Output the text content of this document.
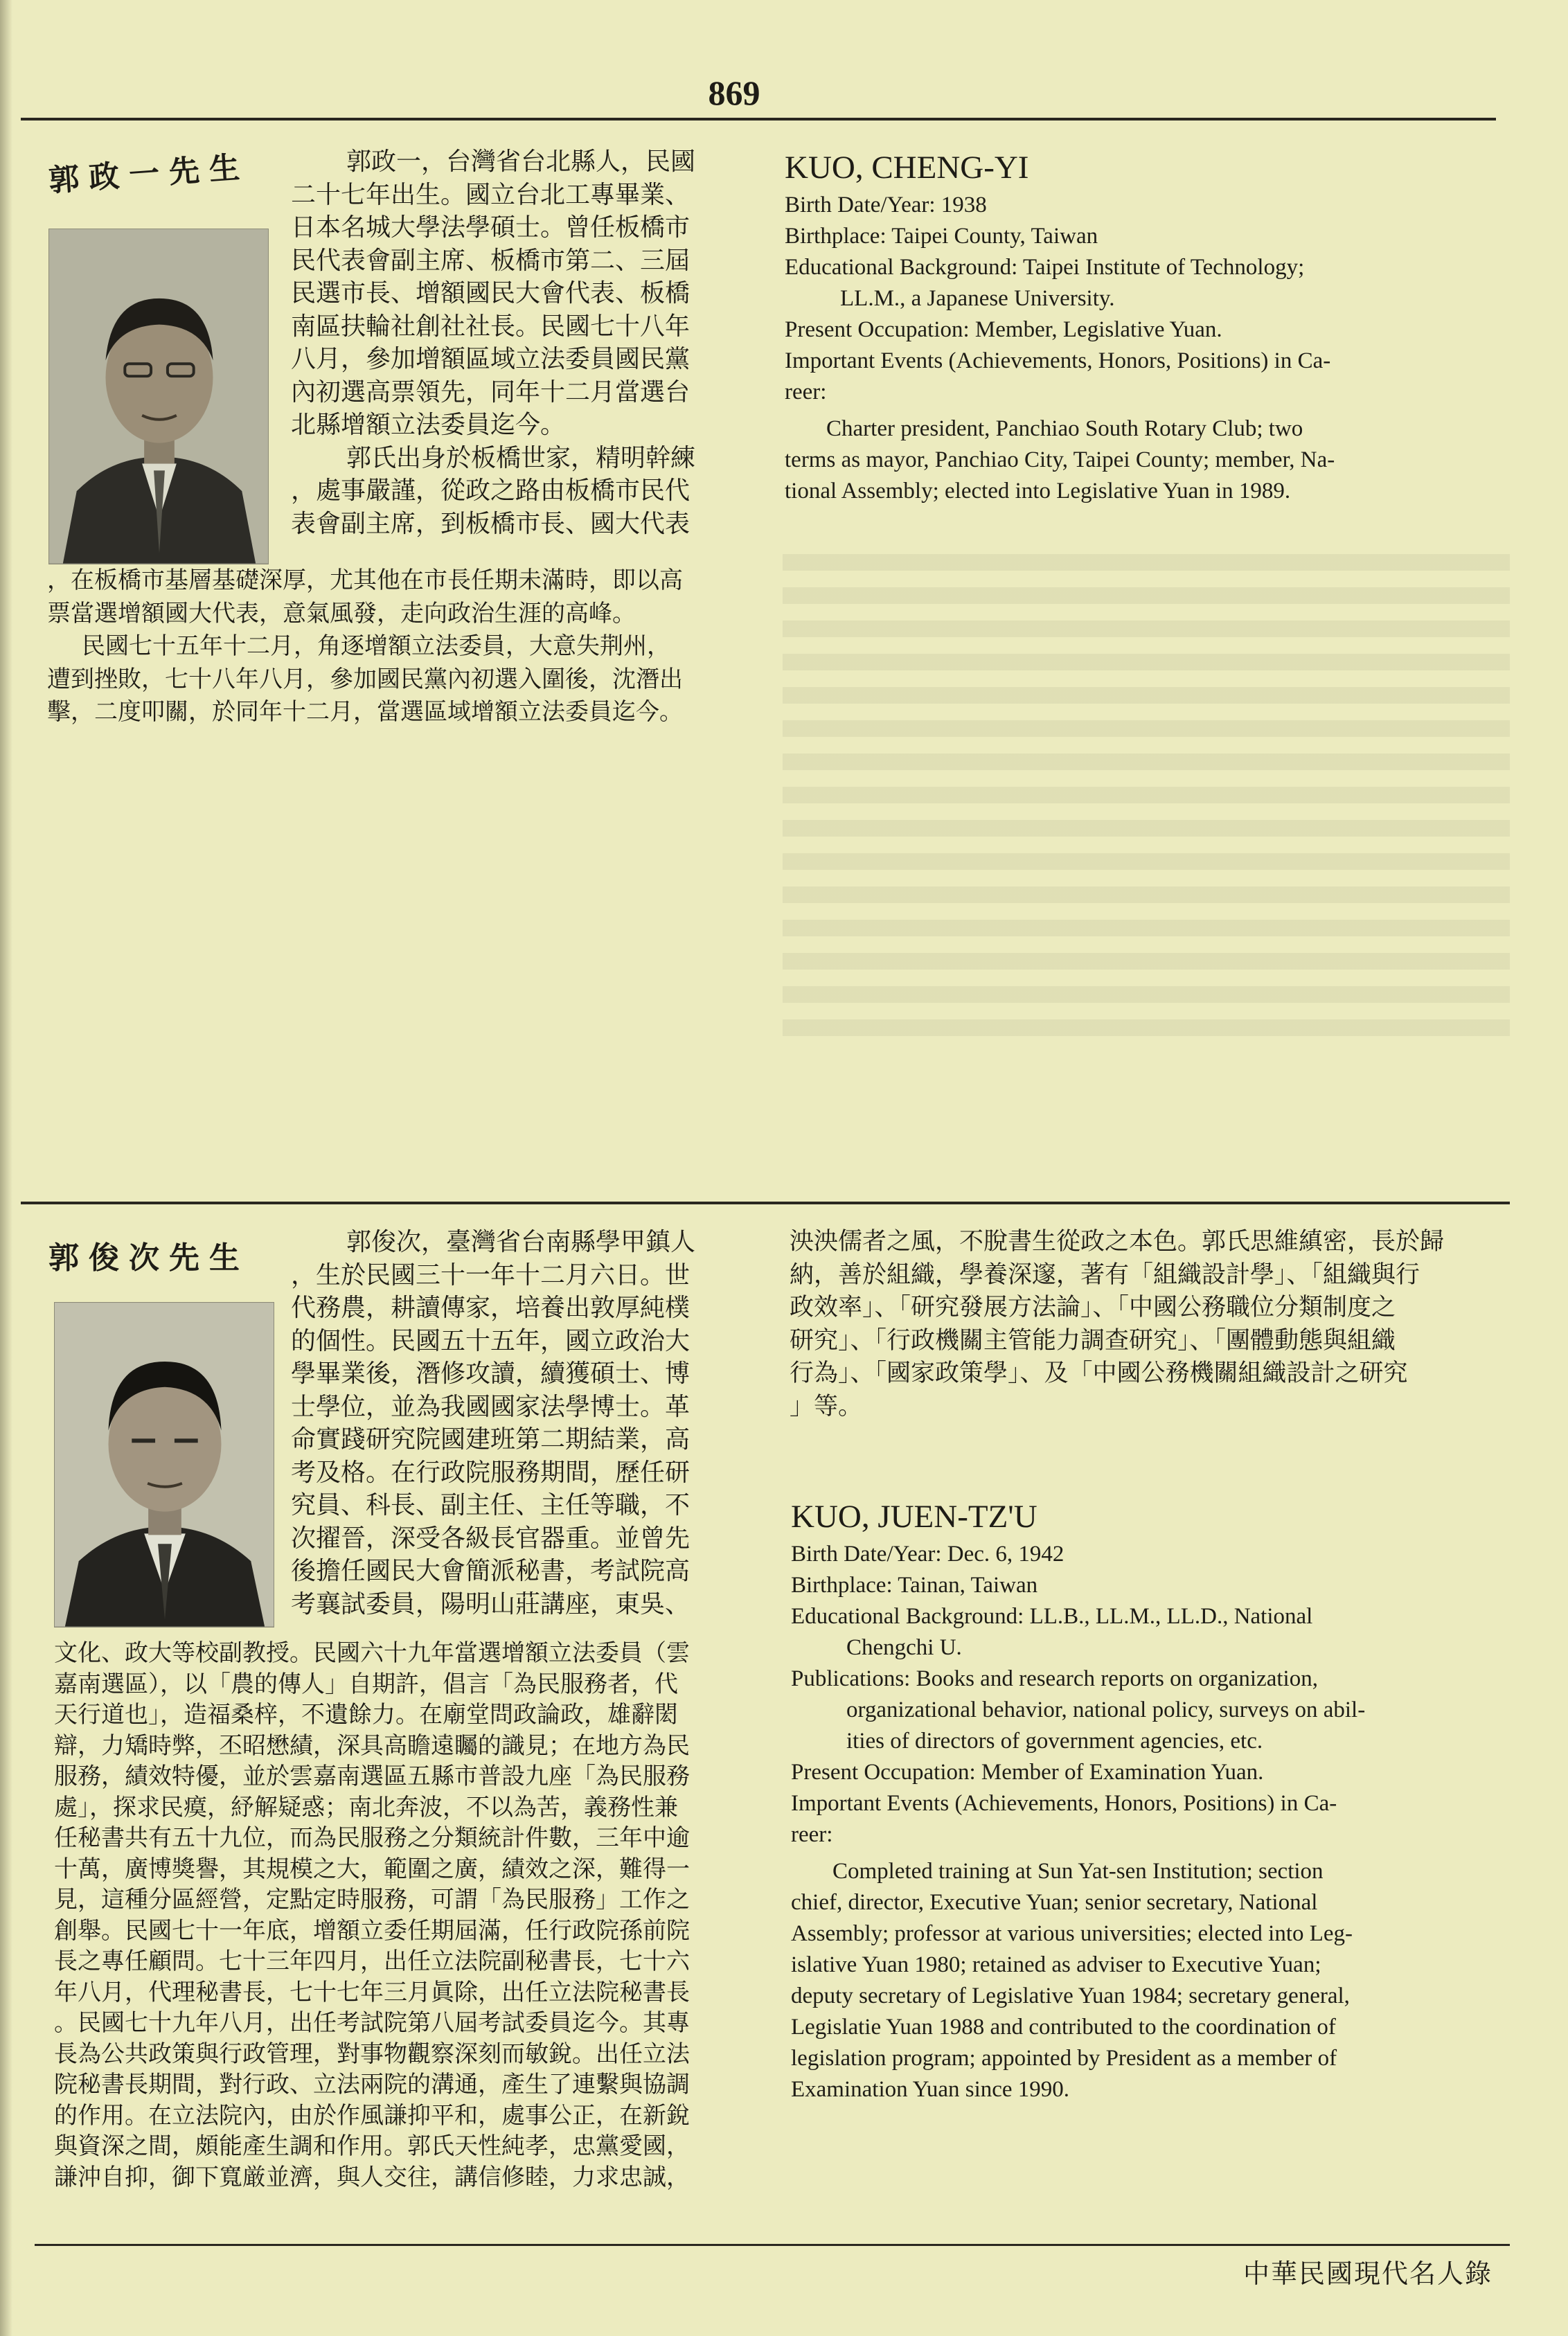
869
郭政一先生	郭政一，台灣省台北縣人，民國
二十七年出生。國立台北工專畢業、
日本名城大學法學碩士。曾任板橋市
民代表會副主席、板橋市第二、三屆
民選市長、增額國民大會代表、板橋
南區扶輪社創社社長。民國七十八年
八月，參加增額區域立法委員國民黨
內初選高票領先，同年十二月當選台
北縣增額立法委員迄今。
郭氏出身於板橋世家，精明幹練
，處事嚴謹，從政之路由板橋市民代
表會副主席，到板橋市長、國大代表
，在板橋市基層基礎深厚，尤其他在市長任期未滿時，即以高
票當選增額國大代表，意氣風發，走向政治生涯的高峰。
民國七十五年十二月，角逐增額立法委員，大意失荆州，
遭到挫敗，七十八年八月，參加國民黨內初選入圍後，沈潛出
擊，二度叩關，於同年十二月，當選區域增額立法委員迄今。
KUO, CHENG-YI
Birth Date/Year: 1938
Birthplace: Taipei County, Taiwan
Educational Background: Taipei Institute of Technology;
LL.M., a Japanese University.
Present Occupation: Member, Legislative Yuan.
Important Events (Achievements, Honors, Positions) in Ca-
reer:
Charter president, Panchiao South Rotary Club; two
terms as mayor, Panchiao City, Taipei County; member, Na-
tional Assembly; elected into Legislative Yuan in 1989.
郭俊次先生	郭俊次，臺灣省台南縣學甲鎮人
，生於民國三十一年十二月六日。世
代務農，耕讀傳家，培養出敦厚純樸
的個性。民國五十五年，國立政治大
學畢業後，潛修攻讀，續獲碩士、博
士學位，並為我國國家法學博士。革
命實踐研究院國建班第二期結業，高
考及格。在行政院服務期間，歷任研
究員、科長、副主任、主任等職，不
次擢晉，深受各級長官器重。並曾先
後擔任國民大會簡派秘書，考試院高
考襄試委員，陽明山莊講座，東吳、
文化、政大等校副教授。民國六十九年當選增額立法委員（雲
嘉南選區），以「農的傳人」自期許，倡言「為民服務者，代
天行道也」，造福桑梓，不遺餘力。在廟堂問政論政，雄辭閎
辯，力矯時弊，丕昭懋績，深具高瞻遠矚的識見；在地方為民
服務，績效特優，並於雲嘉南選區五縣市普設九座「為民服務
處」，探求民瘼，紓解疑惑；南北奔波，不以為苦，義務性兼
任秘書共有五十九位，而為民服務之分類統計件數，三年中逾
十萬，廣博獎譽，其規模之大，範圍之廣，績效之深，難得一
見，這種分區經營，定點定時服務，可謂「為民服務」工作之
創舉。民國七十一年底，增額立委任期屆滿，任行政院孫前院
長之專任顧問。七十三年四月，出任立法院副秘書長，七十六
年八月，代理秘書長，七十七年三月眞除，出任立法院秘書長
。民國七十九年八月，出任考試院第八屆考試委員迄今。其專
長為公共政策與行政管理，對事物觀察深刻而敏銳。出任立法
院秘書長期間，對行政、立法兩院的溝通，產生了連繫與協調
的作用。在立法院內，由於作風謙抑平和，處事公正，在新銳
與資深之間，頗能產生調和作用。郭氏天性純孝，忠黨愛國，
謙沖自抑，御下寬厳並濟，與人交往，講信修睦，力求忠誠，
泱泱儒者之風，不脫書生從政之本色。郭氏思維縝密，長於歸
納，善於組織，學養深邃，著有「組織設計學」、「組織與行
政效率」、「研究發展方法論」、「中國公務職位分類制度之
研究」、「行政機關主管能力調查研究」、「團體動態與組織
行為」、「國家政策學」、及「中國公務機關組織設計之研究
」等。
KUO, JUEN-TZ'U
Birth Date/Year: Dec. 6, 1942
Birthplace: Tainan, Taiwan
Educational Background: LL.B., LL.M., LL.D., National
Chengchi U.
Publications: Books and research reports on organization,
organizational behavior, national policy, surveys on abil-
ities of directors of government agencies, etc.
Present Occupation: Member of Examination Yuan.
Important Events (Achievements, Honors, Positions) in Ca-
reer:
Completed training at Sun Yat-sen Institution; section
chief, director, Executive Yuan; senior secretary, National
Assembly; professor at various universities; elected into Leg-
islative Yuan 1980; retained as adviser to Executive Yuan;
deputy secretary of Legislative Yuan 1984; secretary general,
Legislatie Yuan 1988 and contributed to the coordination of
legislation program; appointed by President as a member of
Examination Yuan since 1990.
中華民國現代名人錄
